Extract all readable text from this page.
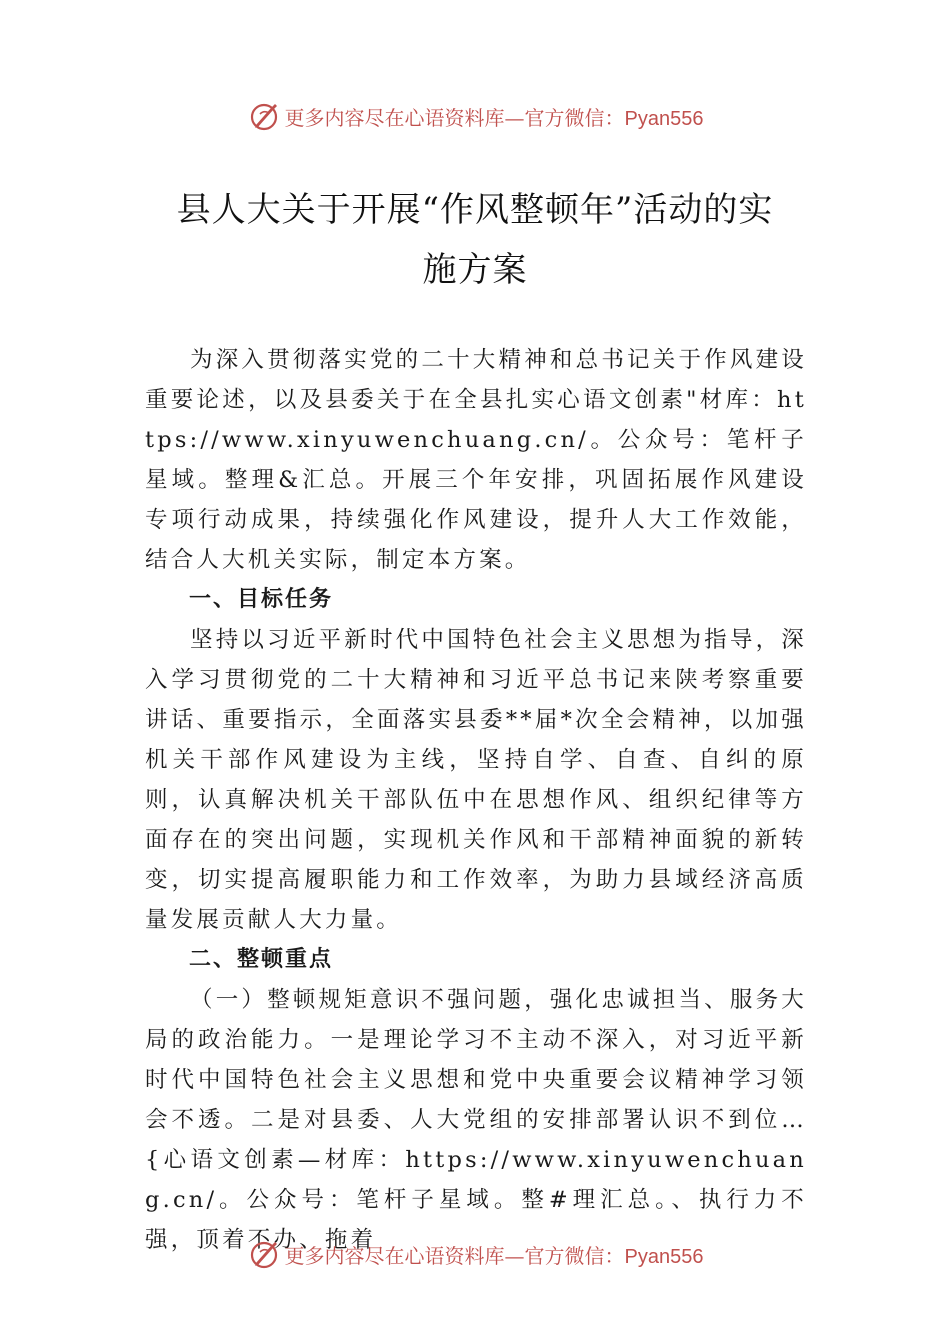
更多内容尽在心语资料库—官方微信：Pyan556
县人大关于开展“作风整顿年”活动的实
施方案

为深入贯彻落实党的二十大精神和总书记关于作风建设重要论述，以及县委关于在全县扎实心语文创素"材库：https://www.xinyuwenchuang.cn/。公众号：笔杆子星域。整理&汇总。开展三个年安排，巩固拓展作风建设专项行动成果，持续强化作风建设，提升人大工作效能，结合人大机关实际，制定本方案。

一、目标任务

坚持以习近平新时代中国特色社会主义思想为指导，深入学习贯彻党的二十大精神和习近平总书记来陕考察重要讲话、重要指示，全面落实县委**届*次全会精神，以加强机关干部作风建设为主线，坚持自学、自查、自纠的原则，认真解决机关干部队伍中在思想作风、组织纪律等方面存在的突出问题，实现机关作风和干部精神面貌的新转变，切实提高履职能力和工作效率，为助力县域经济高质量发展贡献人大力量。

二、整顿重点

（一）整顿规矩意识不强问题，强化忠诚担当、服务大局的政治能力。一是理论学习不主动不深入，对习近平新时代中国特色社会主义思想和党中央重要会议精神学习领会不透。二是对县委、人大党组的安排部署认识不到位…{心语文创素—材库：https://www.xinyuwenchuang.cn/。公众号：笔杆子星域。整#理汇总。、执行力不强，顶着不办、拖着

更多内容尽在心语资料库—官方微信：Pyan556
